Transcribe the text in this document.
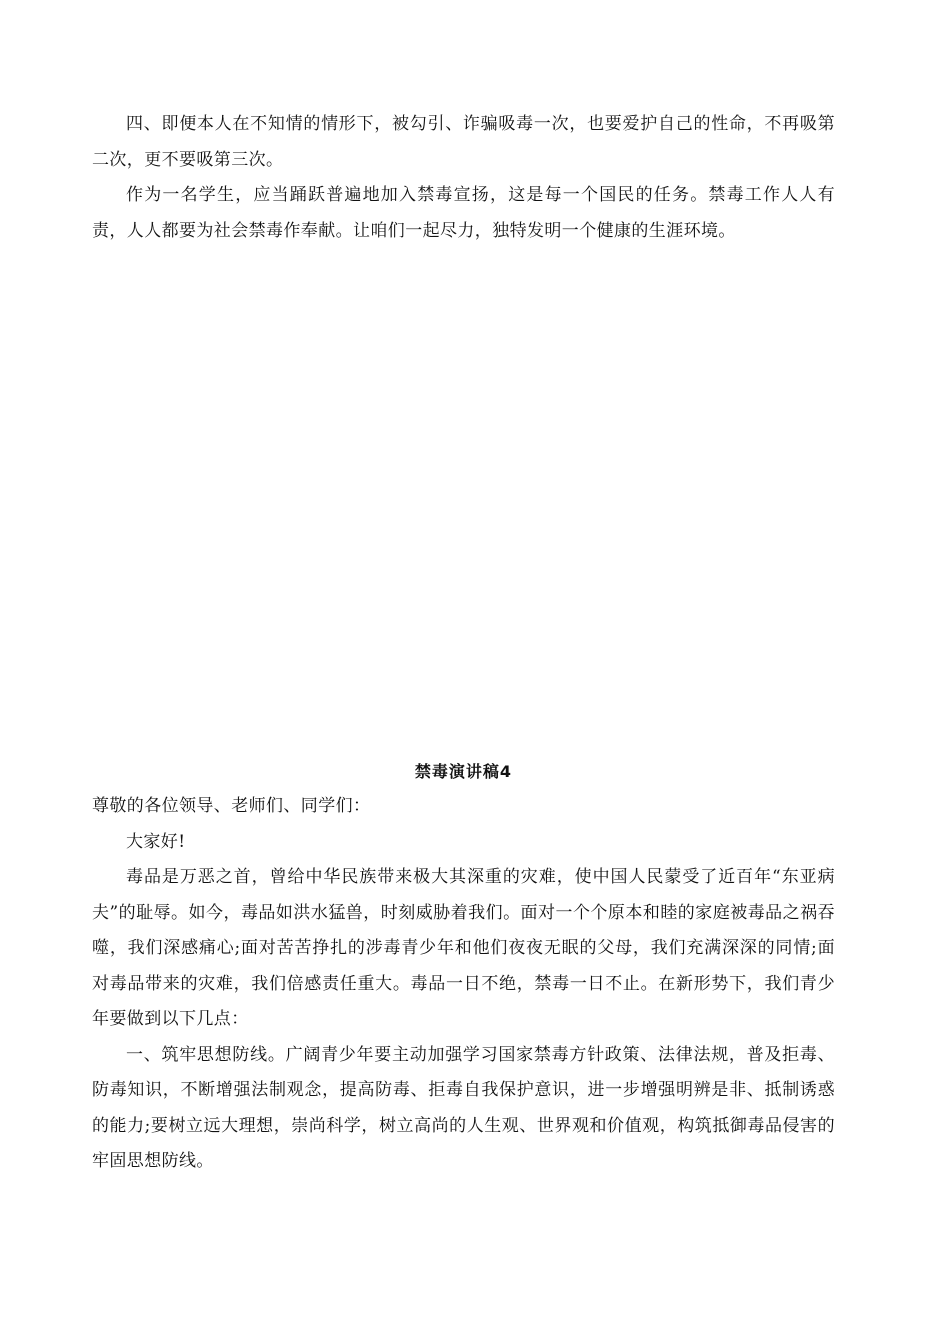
四、即便本人在不知情的情形下，被勾引、诈骗吸毒一次，也要爱护自己的性命，不再吸第二次，更不要吸第三次。

作为一名学生，应当踊跃普遍地加入禁毒宣扬，这是每一个国民的任务。禁毒工作人人有责，人人都要为社会禁毒作奉献。让咱们一起尽力，独特发明一个健康的生涯环境。

禁毒演讲稿4

尊敬的各位领导、老师们、同学们：

大家好!

毒品是万恶之首，曾给中华民族带来极大其深重的灾难，使中国人民蒙受了近百年“东亚病夫”的耻辱。如今，毒品如洪水猛兽，时刻威胁着我们。面对一个个原本和睦的家庭被毒品之祸吞噬，我们深感痛心;面对苦苦挣扎的涉毒青少年和他们夜夜无眠的父母，我们充满深深的同情;面对毒品带来的灾难，我们倍感责任重大。毒品一日不绝，禁毒一日不止。在新形势下，我们青少年要做到以下几点：

一、筑牢思想防线。广阔青少年要主动加强学习国家禁毒方针政策、法律法规，普及拒毒、防毒知识，不断增强法制观念，提高防毒、拒毒自我保护意识，进一步增强明辨是非、抵制诱惑的能力;要树立远大理想，崇尚科学，树立高尚的人生观、世界观和价值观，构筑抵御毒品侵害的牢固思想防线。
